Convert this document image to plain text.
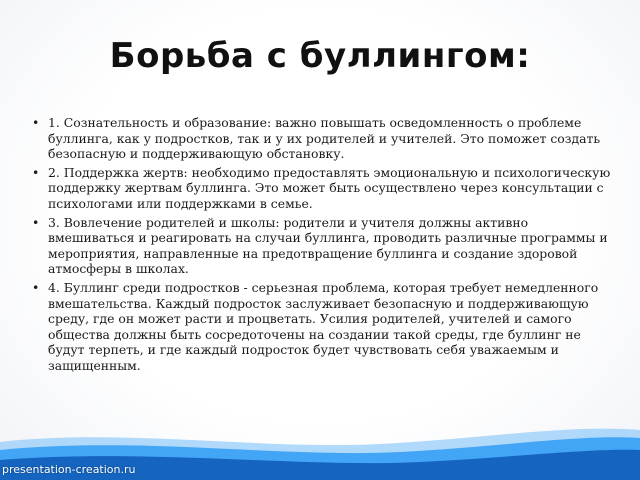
Борьба с буллингом:
• 1. Сознательность и образование: важно повышать осведомленность о проблеме буллинга, как у подростков, так и у их родителей и учителей. Это поможет создать безопасную и поддерживающую обстановку.
• 2. Поддержка жертв: необходимо предоставлять эмоциональную и психологическую поддержку жертвам буллинга. Это может быть осуществлено через консультации с психологами или поддержками в семье.
• 3. Вовлечение родителей и школы: родители и учителя должны активно вмешиваться и реагировать на случаи буллинга, проводить различные программы и мероприятия, направленные на предотвращение буллинга и создание здоровой атмосферы в школах.
• 4. Буллинг среди подростков - серьезная проблема, которая требует немедленного вмешательства. Каждый подросток заслуживает безопасную и поддерживающую среду, где он может расти и процветать. Усилия родителей, учителей и самого общества должны быть сосредоточены на создании такой среды, где буллинг не будут терпеть, и где каждый подросток будет чувствовать себя уважаемым и защищенным.
presentation-creation.ru
